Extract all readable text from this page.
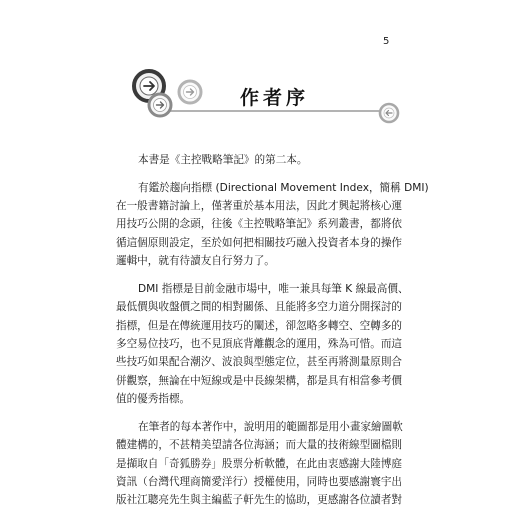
5
作者序

本書是《主控戰略筆記》的第二本。

有鑑於趨向指標 (Directional Movement Index，簡稱 DMI)
在一般書籍討論上，僅著重於基本用法，因此才興起將核心運
用技巧公開的念頭，往後《主控戰略筆記》系列叢書，都將依
循這個原則設定，至於如何把相關技巧融入投資者本身的操作
邏輯中，就有待讀友自行努力了。

DMI 指標是目前金融市場中，唯一兼具每筆 K 線最高價、
最低價與收盤價之間的相對關係、且能將多空力道分開探討的
指標，但是在傳統運用技巧的闡述，卻忽略多轉空、空轉多的
多空易位技巧，也不見頂底背離觀念的運用，殊為可惜。而這
些技巧如果配合潮汐、波浪與型態定位，甚至再將測量原則合
併觀察，無論在中短線或是中長線架構，都是具有相當參考價
值的優秀指標。

在筆者的每本著作中，說明用的範圖都是用小畫家繪圖軟
體建構的，不甚精美望請各位海涵；而大量的技術線型圖檔則
是擷取自「奇狐勝券」股票分析軟體，在此由衷感謝大陸博庭
資訊（台灣代理商簡愛洋行）授權使用，同時也要感謝寰宇出
版社江聰亮先生與主編藍子軒先生的協助，更感謝各位讀者對
